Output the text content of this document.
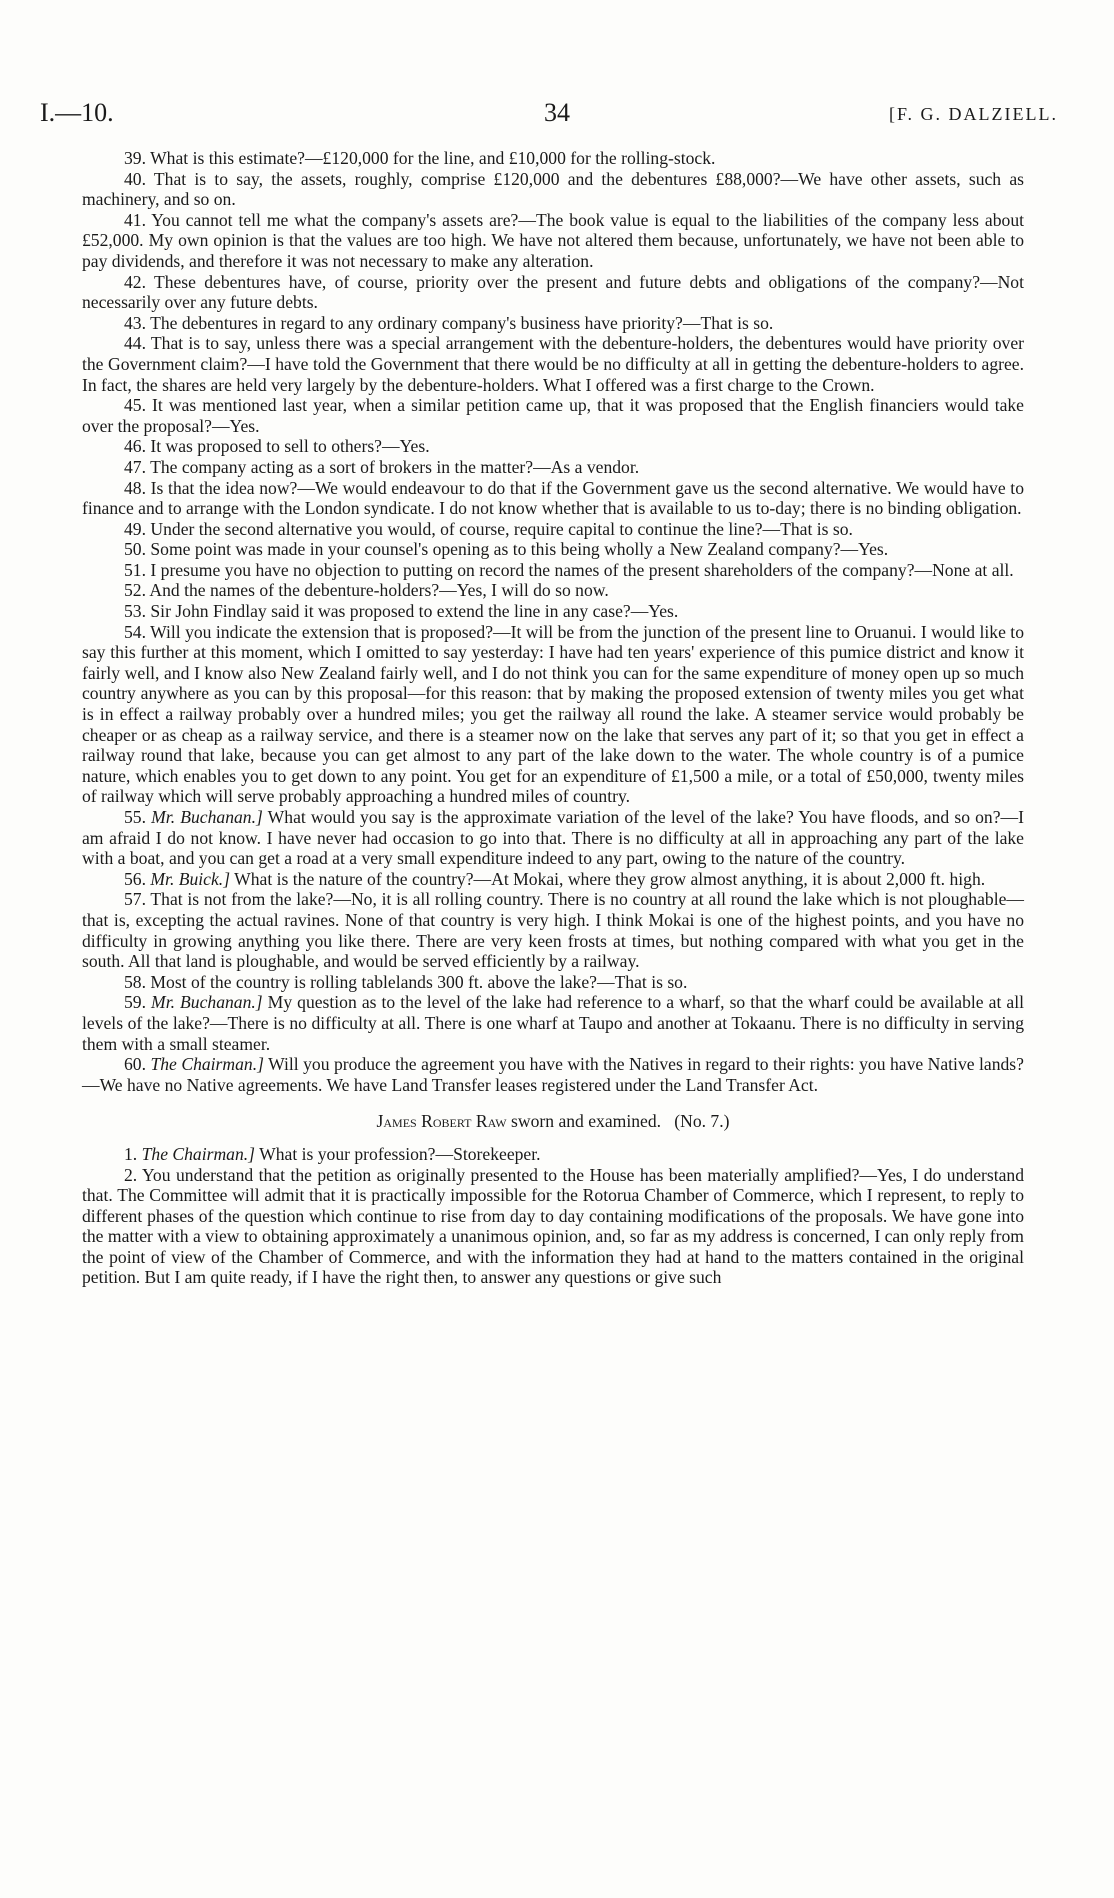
I.—10.	34	[F. G. DALZIELL.

39. What is this estimate?—£120,000 for the line, and £10,000 for the rolling-stock.

40. That is to say, the assets, roughly, comprise £120,000 and the debentures £88,000?—We have other assets, such as machinery, and so on.

41. You cannot tell me what the company's assets are?—The book value is equal to the liabilities of the company less about £52,000. My own opinion is that the values are too high. We have not altered them because, unfortunately, we have not been able to pay dividends, and therefore it was not necessary to make any alteration.

42. These debentures have, of course, priority over the present and future debts and obligations of the company?—Not necessarily over any future debts.

43. The debentures in regard to any ordinary company's business have priority?—That is so.

44. That is to say, unless there was a special arrangement with the debenture-holders, the debentures would have priority over the Government claim?—I have told the Government that there would be no difficulty at all in getting the debenture-holders to agree. In fact, the shares are held very largely by the debenture-holders. What I offered was a first charge to the Crown.

45. It was mentioned last year, when a similar petition came up, that it was proposed that the English financiers would take over the proposal?—Yes.

46. It was proposed to sell to others?—Yes.

47. The company acting as a sort of brokers in the matter?—As a vendor.

48. Is that the idea now?—We would endeavour to do that if the Government gave us the second alternative. We would have to finance and to arrange with the London syndicate. I do not know whether that is available to us to-day; there is no binding obligation.

49. Under the second alternative you would, of course, require capital to continue the line?—That is so.

50. Some point was made in your counsel's opening as to this being wholly a New Zealand company?—Yes.

51. I presume you have no objection to putting on record the names of the present shareholders of the company?—None at all.

52. And the names of the debenture-holders?—Yes, I will do so now.

53. Sir John Findlay said it was proposed to extend the line in any case?—Yes.

54. Will you indicate the extension that is proposed?—It will be from the junction of the present line to Oruanui. I would like to say this further at this moment, which I omitted to say yesterday: I have had ten years' experience of this pumice district and know it fairly well, and I know also New Zealand fairly well, and I do not think you can for the same expenditure of money open up so much country anywhere as you can by this proposal—for this reason: that by making the proposed extension of twenty miles you get what is in effect a railway probably over a hundred miles; you get the railway all round the lake. A steamer service would probably be cheaper or as cheap as a railway service, and there is a steamer now on the lake that serves any part of it; so that you get in effect a railway round that lake, because you can get almost to any part of the lake down to the water. The whole country is of a pumice nature, which enables you to get down to any point. You get for an expenditure of £1,500 a mile, or a total of £50,000, twenty miles of railway which will serve probably approaching a hundred miles of country.

55. Mr. Buchanan.] What would you say is the approximate variation of the level of the lake? You have floods, and so on?—I am afraid I do not know. I have never had occasion to go into that. There is no difficulty at all in approaching any part of the lake with a boat, and you can get a road at a very small expenditure indeed to any part, owing to the nature of the country.

56. Mr. Buick.] What is the nature of the country?—At Mokai, where they grow almost anything, it is about 2,000 ft. high.

57. That is not from the lake?—No, it is all rolling country. There is no country at all round the lake which is not ploughable—that is, excepting the actual ravines. None of that country is very high. I think Mokai is one of the highest points, and you have no difficulty in growing anything you like there. There are very keen frosts at times, but nothing compared with what you get in the south. All that land is ploughable, and would be served efficiently by a railway.

58. Most of the country is rolling tablelands 300 ft. above the lake?—That is so.

59. Mr. Buchanan.] My question as to the level of the lake had reference to a wharf, so that the wharf could be available at all levels of the lake?—There is no difficulty at all. There is one wharf at Taupo and another at Tokaanu. There is no difficulty in serving them with a small steamer.

60. The Chairman.] Will you produce the agreement you have with the Natives in regard to their rights: you have Native lands?—We have no Native agreements. We have Land Transfer leases registered under the Land Transfer Act.

James Robert Raw sworn and examined. (No. 7.)

1. The Chairman.] What is your profession?—Storekeeper.

2. You understand that the petition as originally presented to the House has been materially amplified?—Yes, I do understand that. The Committee will admit that it is practically impossible for the Rotorua Chamber of Commerce, which I represent, to reply to different phases of the question which continue to rise from day to day containing modifications of the proposals. We have gone into the matter with a view to obtaining approximately a unanimous opinion, and, so far as my address is concerned, I can only reply from the point of view of the Chamber of Commerce, and with the information they had at hand to the matters contained in the original petition. But I am quite ready, if I have the right then, to answer any questions or give such
